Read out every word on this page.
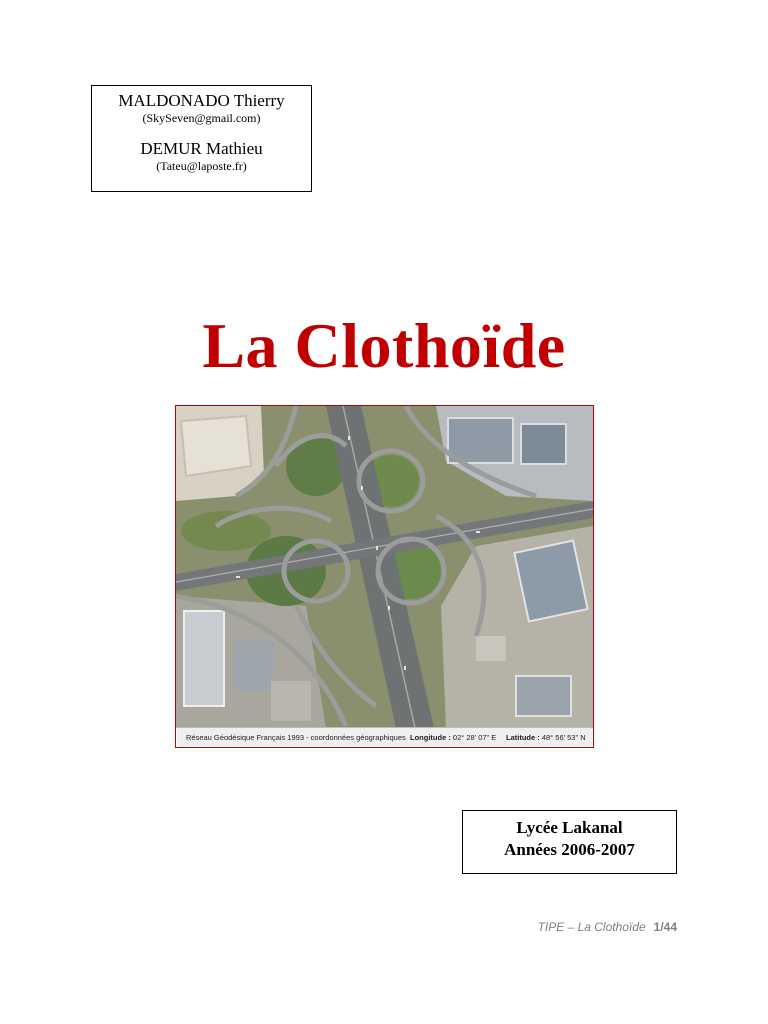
MALDONADO Thierry
(SkySeven@gmail.com)
DEMUR Mathieu
(Tateu@laposte.fr)
La Clothoïde
Réseau Géodésique Français 1993 - coordonnées géographiques Longitude : 02° 28' 07" E	Latitude : 48° 56' 53" N
Lycée Lakanal
Années 2006-2007
TIPE – La Clothoïde 1/44
